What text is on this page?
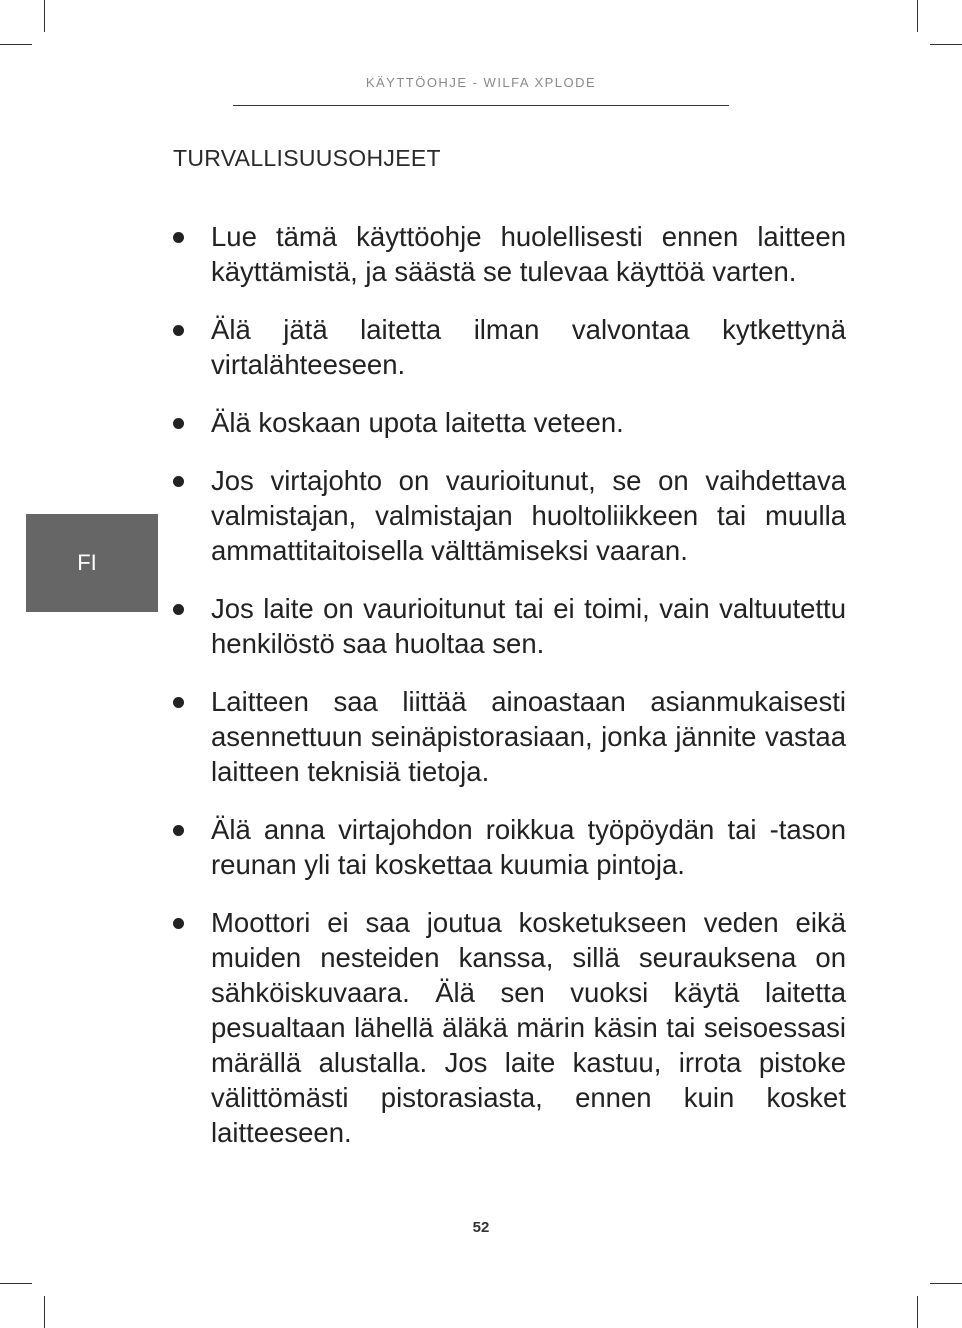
KÄYTTÖOHJE - WILFA XPLODE
TURVALLISUUSOHJEET
FI
Lue tämä käyttöohje huolellisesti ennen laitteen käyttämistä, ja säästä se tulevaa käyttöä varten.
Älä jätä laitetta ilman valvontaa kytkettynä virtalähteeseen.
Älä koskaan upota laitetta veteen.
Jos virtajohto on vaurioitunut, se on vaihdettava valmistajan, valmistajan huoltoliikkeen tai muulla ammattitaitoisella välttämiseksi vaaran.
Jos laite on vaurioitunut tai ei toimi, vain valtuutettu henkilöstö saa huoltaa sen.
Laitteen saa liittää ainoastaan asianmukaisesti asennettuun seinäpistorasiaan, jonka jännite vastaa laitteen teknisiä tietoja.
Älä anna virtajohdon roikkua työpöydän tai -tason reunan yli tai koskettaa kuumia pintoja.
Moottori ei saa joutua kosketukseen veden eikä muiden nesteiden kanssa, sillä seurauksena on sähköiskuvaara. Älä sen vuoksi käytä laitetta pesualtaan lähellä äläkä märin käsin tai seisoessasi märällä alustalla. Jos laite kastuu, irrota pistoke välittömästi pistorasiasta, ennen kuin kosket laitteeseen.
52
